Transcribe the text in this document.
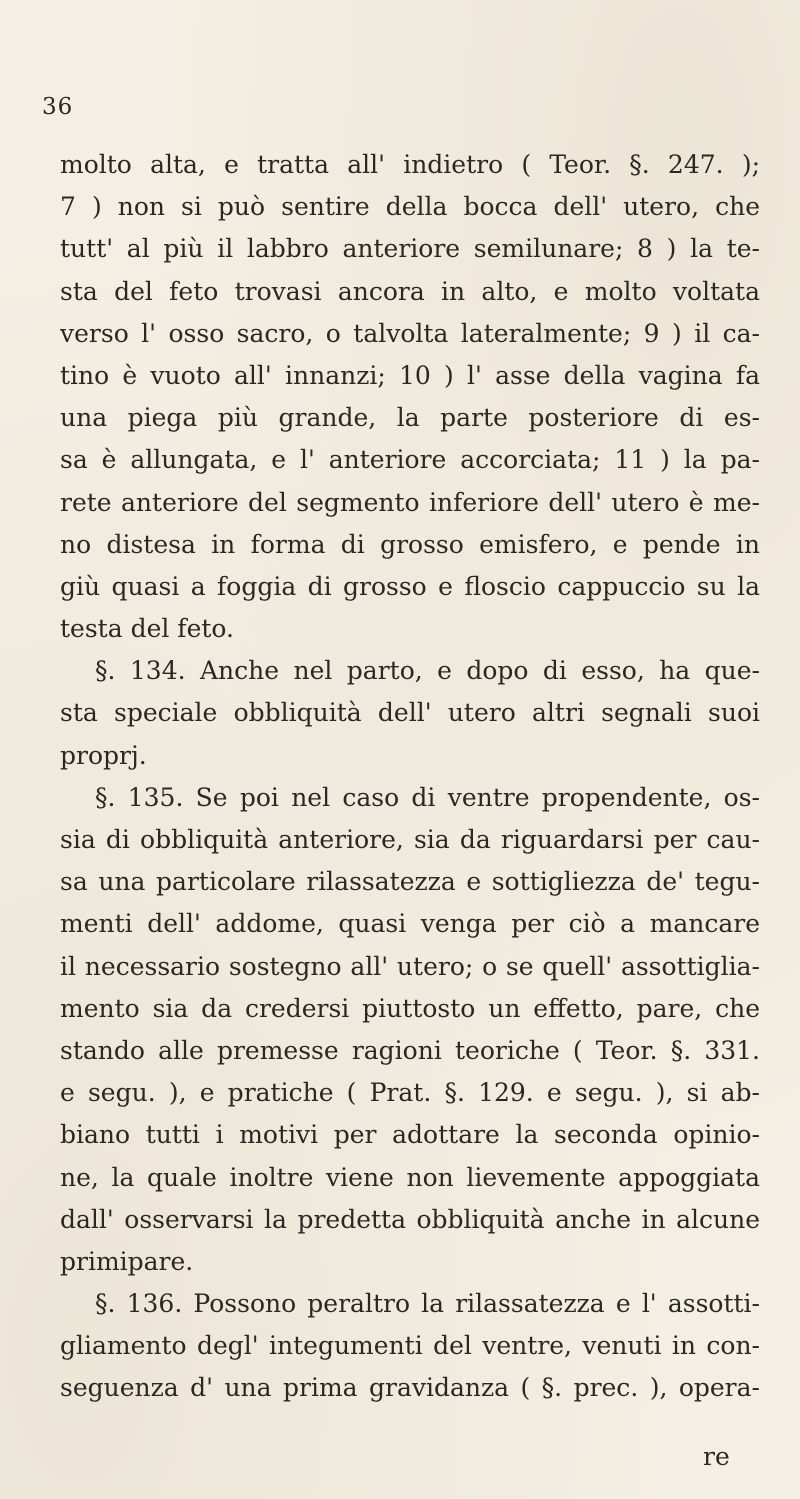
36
molto alta, e tratta all' indietro ( Teor. §. 247. );
7 ) non si può sentire della bocca dell' utero, che
tutt' al più il labbro anteriore semilunare; 8 ) la te-
sta del feto trovasi ancora in alto, e molto voltata
verso l' osso sacro, o talvolta lateralmente; 9 ) il ca-
tino è vuoto all' innanzi; 10 ) l' asse della vagina fa
una piega più grande, la parte posteriore di es-
sa è allungata, e l' anteriore accorciata; 11 ) la pa-
rete anteriore del segmento inferiore dell' utero è me-
no distesa in forma di grosso emisfero, e pende in
giù quasi a foggia di grosso e floscio cappuccio su la
testa del feto.
§. 134. Anche nel parto, e dopo di esso, ha que-
sta speciale obbliquità dell' utero altri segnali suoi
proprj.
§. 135. Se poi nel caso di ventre propendente, os-
sia di obbliquità anteriore, sia da riguardarsi per cau-
sa una particolare rilassatezza e sottigliezza de' tegu-
menti dell' addome, quasi venga per ciò a mancare
il necessario sostegno all' utero; o se quell' assottiglia-
mento sia da credersi piuttosto un effetto, pare, che
stando alle premesse ragioni teoriche ( Teor. §. 331.
e segu. ), e pratiche ( Prat. §. 129. e segu. ), si ab-
biano tutti i motivi per adottare la seconda opinio-
ne, la quale inoltre viene non lievemente appoggiata
dall' osservarsi la predetta obbliquità anche in alcune
primipare.
§. 136. Possono peraltro la rilassatezza e l' assotti-
gliamento degl' integumenti del ventre, venuti in con-
seguenza d' una prima gravidanza ( §. prec. ), opera-
re
